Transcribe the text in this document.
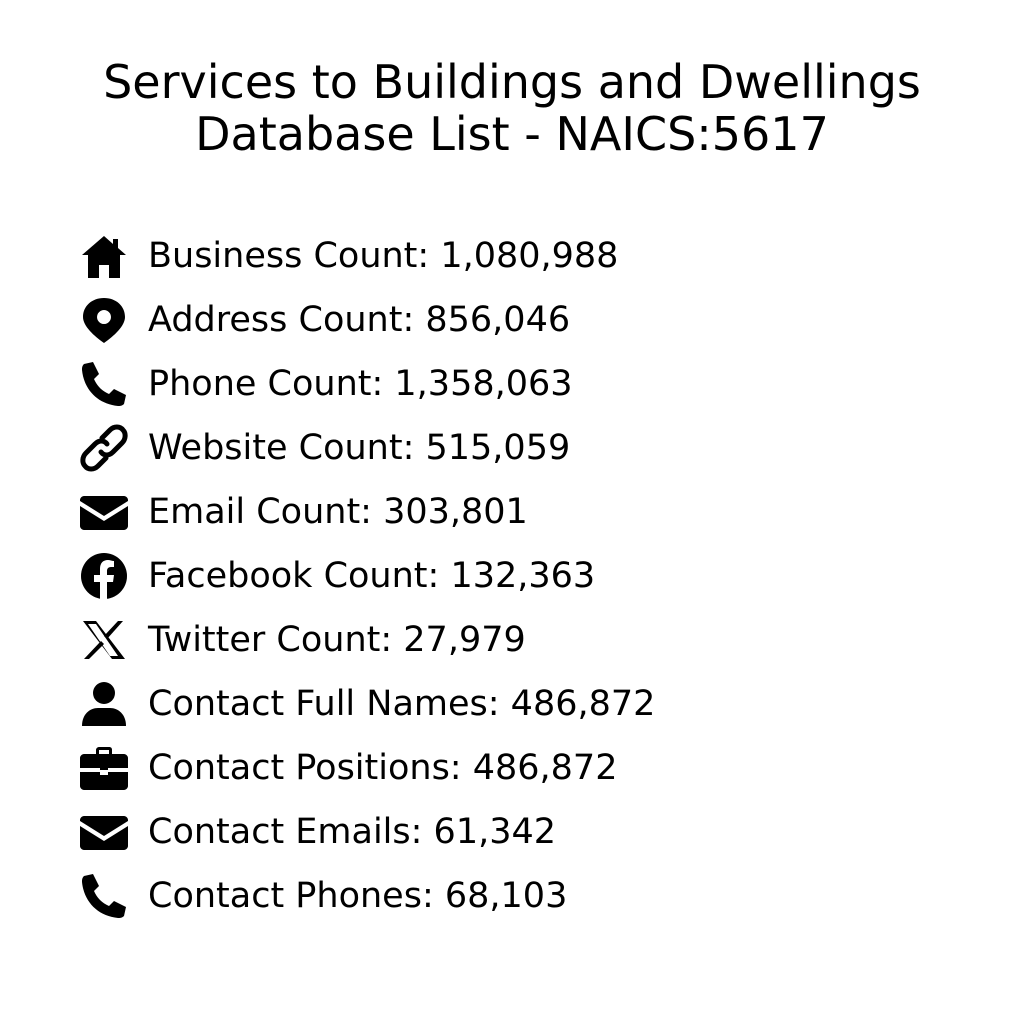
Services to Buildings and Dwellings
Database List - NAICS:5617
Business Count: 1,080,988
Address Count: 856,046
Phone Count: 1,358,063
Website Count: 515,059
Email Count: 303,801
Facebook Count: 132,363
Twitter Count: 27,979
Contact Full Names: 486,872
Contact Positions: 486,872
Contact Emails: 61,342
Contact Phones: 68,103
